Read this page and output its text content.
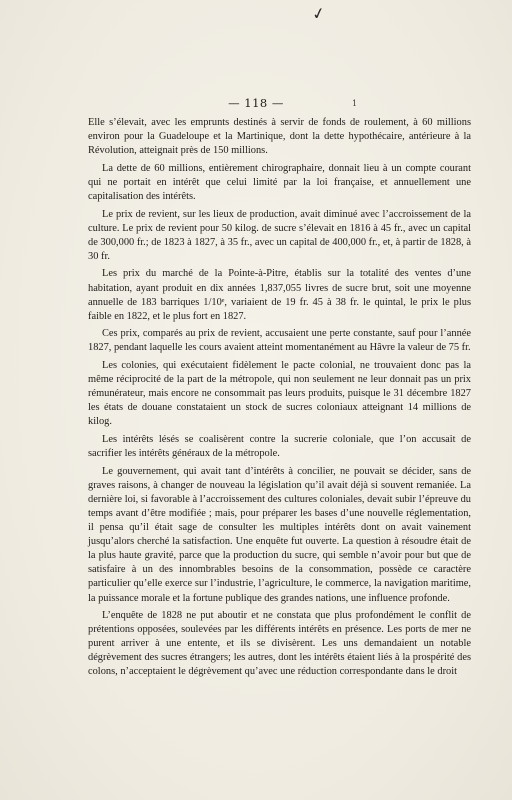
✓
— 118 —	1

Elle s’élevait, avec les emprunts destinés à servir de fonds de roulement, à 60 millions environ pour la Guadeloupe et la Martinique, dont la dette hypothécaire, antérieure à la Révolution, atteignait près de 150 millions.

La dette de 60 millions, entièrement chirographaire, donnait lieu à un compte courant qui ne portait en intérêt que celui limité par la loi française, et annuellement une capitalisation des intérêts.

Le prix de revient, sur les lieux de production, avait diminué avec l’accroissement de la culture. Le prix de revient pour 50 kilog. de sucre s’élevait en 1816 à 45 fr., avec un capital de 300,000 fr.; de 1823 à 1827, à 35 fr., avec un capital de 400,000 fr., et, à partir de 1828, à 30 fr.

Les prix du marché de la Pointe-à-Pitre, établis sur la totalité des ventes d’une habitation, ayant produit en dix années 1,837,055 livres de sucre brut, soit une moyenne annuelle de 183 barriques 1/10ᵉ, variaient de 19 fr. 45 à 38 fr. le quintal, le prix le plus faible en 1822, et le plus fort en 1827.

Ces prix, comparés au prix de revient, accusaient une perte constante, sauf pour l’année 1827, pendant laquelle les cours avaient atteint momentanément au Hâvre la valeur de 75 fr.

Les colonies, qui exécutaient fidèlement le pacte colonial, ne trouvaient donc pas la même réciprocité de la part de la métropole, qui non seulement ne leur donnait pas un prix rémunérateur, mais encore ne consommait pas leurs produits, puisque le 31 décembre 1827 les états de douane constataient un stock de sucres coloniaux atteignant 14 millions de kilog.

Les intérêts lésés se coalisèrent contre la sucrerie coloniale, que l’on accusait de sacrifier les intérêts généraux de la métropole.

Le gouvernement, qui avait tant d’intérêts à concilier, ne pouvait se décider, sans de graves raisons, à changer de nouveau la législation qu’il avait déjà si souvent remaniée. La dernière loi, si favorable à l’accroissement des cultures coloniales, devait subir l’épreuve du temps avant d’être modifiée ; mais, pour préparer les bases d’une nouvelle réglementation, il pensa qu’il était sage de consulter les multiples intérêts dont on avait vainement jusqu’alors cherché la satisfaction. Une enquête fut ouverte. La question à résoudre était de la plus haute gravité, parce que la production du sucre, qui semble n’avoir pour but que de satisfaire à un des innombrables besoins de la consommation, possède ce caractère particulier qu’elle exerce sur l’industrie, l’agriculture, le commerce, la navigation maritime, la puissance morale et la fortune publique des grandes nations, une influence profonde.

L’enquête de 1828 ne put aboutir et ne constata que plus profondément le conflit de prétentions opposées, soulevées par les différents intérêts en présence. Les ports de mer ne purent arriver à une entente, et ils se divisèrent. Les uns demandaient un notable dégrèvement des sucres étrangers; les autres, dont les intérêts étaient liés à la prospérité des colons, n’acceptaient le dégrèvement qu’avec une réduction correspondante dans le droit
